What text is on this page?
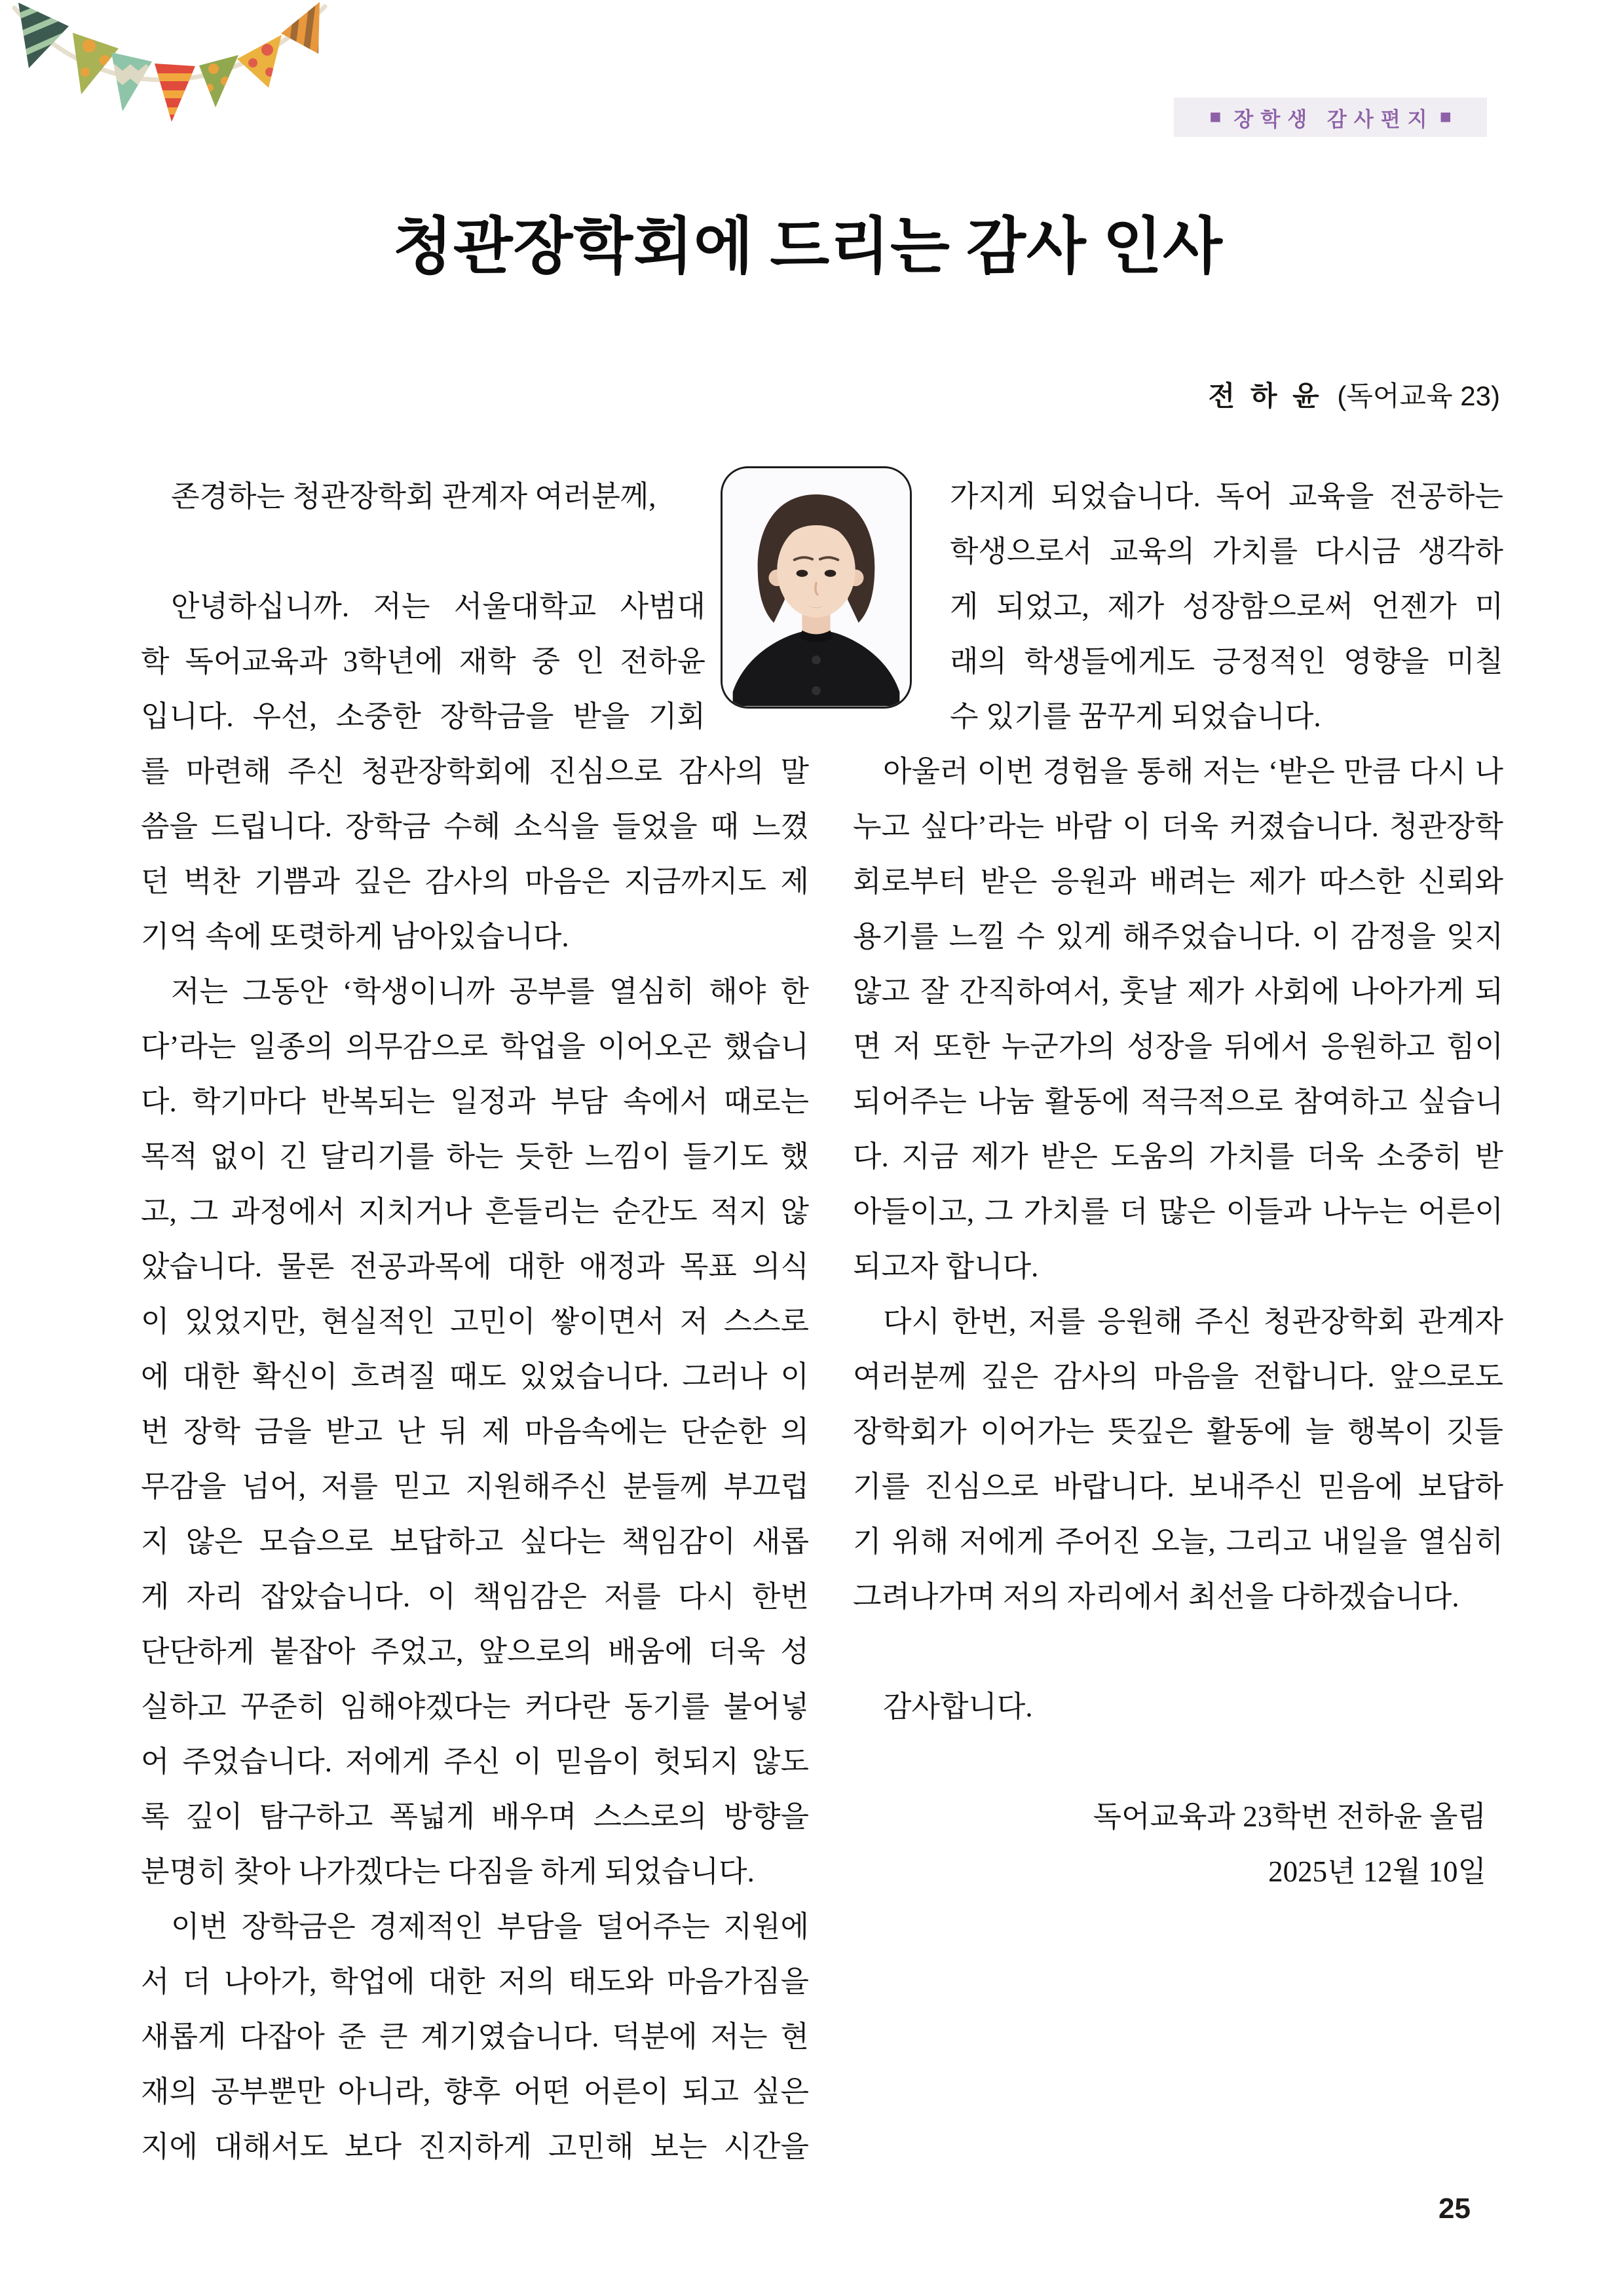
■ 장학생 감사편지 ■
청관장학회에 드리는 감사 인사
전 하 윤 (독어교육 23)
존경하는 청관장학회 관계자 여러분께,
안녕하십니까. 저는 서울대학교 사범대
학 독어교육과 3학년에 재학 중 인 전하윤
입니다. 우선, 소중한 장학금을 받을 기회
를 마련해 주신 청관장학회에 진심으로 감사의 말
씀을 드립니다. 장학금 수혜 소식을 들었을 때 느꼈
던 벅찬 기쁨과 깊은 감사의 마음은 지금까지도 제
기억 속에 또렷하게 남아있습니다.
저는 그동안 ‘학생이니까 공부를 열심히 해야 한
다’라는 일종의 의무감으로 학업을 이어오곤 했습니
다. 학기마다 반복되는 일정과 부담 속에서 때로는
목적 없이 긴 달리기를 하는 듯한 느낌이 들기도 했
고, 그 과정에서 지치거나 흔들리는 순간도 적지 않
았습니다. 물론 전공과목에 대한 애정과 목표 의식
이 있었지만, 현실적인 고민이 쌓이면서 저 스스로
에 대한 확신이 흐려질 때도 있었습니다. 그러나 이
번 장학 금을 받고 난 뒤 제 마음속에는 단순한 의
무감을 넘어, 저를 믿고 지원해주신 분들께 부끄럽
지 않은 모습으로 보답하고 싶다는 책임감이 새롭
게 자리 잡았습니다. 이 책임감은 저를 다시 한번
단단하게 붙잡아 주었고, 앞으로의 배움에 더욱 성
실하고 꾸준히 임해야겠다는 커다란 동기를 불어넣
어 주었습니다. 저에게 주신 이 믿음이 헛되지 않도
록 깊이 탐구하고 폭넓게 배우며 스스로의 방향을
분명히 찾아 나가겠다는 다짐을 하게 되었습니다.
이번 장학금은 경제적인 부담을 덜어주는 지원에
서 더 나아가, 학업에 대한 저의 태도와 마음가짐을
새롭게 다잡아 준 큰 계기였습니다. 덕분에 저는 현
재의 공부뿐만 아니라, 향후 어떤 어른이 되고 싶은
지에 대해서도 보다 진지하게 고민해 보는 시간을
가지게 되었습니다. 독어 교육을 전공하는
학생으로서 교육의 가치를 다시금 생각하
게 되었고, 제가 성장함으로써 언젠가 미
래의 학생들에게도 긍정적인 영향을 미칠
수 있기를 꿈꾸게 되었습니다.
아울러 이번 경험을 통해 저는 ‘받은 만큼 다시 나
누고 싶다’라는 바람 이 더욱 커졌습니다. 청관장학
회로부터 받은 응원과 배려는 제가 따스한 신뢰와
용기를 느낄 수 있게 해주었습니다. 이 감정을 잊지
않고 잘 간직하여서, 훗날 제가 사회에 나아가게 되
면 저 또한 누군가의 성장을 뒤에서 응원하고 힘이
되어주는 나눔 활동에 적극적으로 참여하고 싶습니
다. 지금 제가 받은 도움의 가치를 더욱 소중히 받
아들이고, 그 가치를 더 많은 이들과 나누는 어른이
되고자 합니다.
다시 한번, 저를 응원해 주신 청관장학회 관계자
여러분께 깊은 감사의 마음을 전합니다. 앞으로도
장학회가 이어가는 뜻깊은 활동에 늘 행복이 깃들
기를 진심으로 바랍니다. 보내주신 믿음에 보답하
기 위해 저에게 주어진 오늘, 그리고 내일을 열심히
그려나가며 저의 자리에서 최선을 다하겠습니다.
감사합니다.
독어교육과 23학번 전하윤 올림
2025년 12월 10일
25
